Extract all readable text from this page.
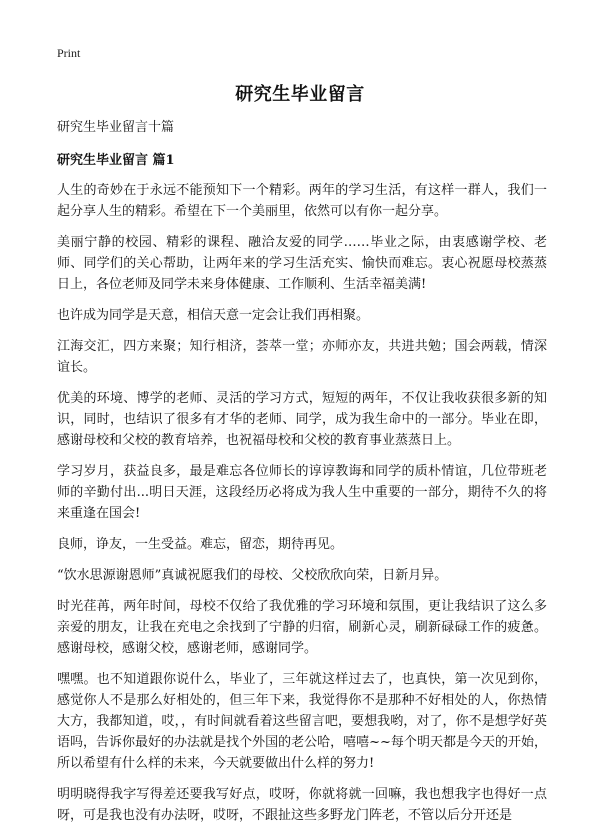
Print
研究生毕业留言

研究生毕业留言十篇

研究生毕业留言 篇1

人生的奇妙在于永远不能预知下一个精彩。两年的学习生活，有这样一群人，我们一起分享人生的精彩。希望在下一个美丽里，依然可以有你一起分享。

美丽宁静的校园、精彩的课程、融洽友爱的同学……毕业之际，由衷感谢学校、老师、同学们的关心帮助，让两年来的学习生活充实、愉快而难忘。衷心祝愿母校蒸蒸日上，各位老师及同学未来身体健康、工作顺利、生活幸福美满!

也许成为同学是天意，相信天意一定会让我们再相聚。

江海交汇，四方来聚；知行相济，荟萃一堂；亦师亦友，共进共勉；国会两载，情深谊长。

优美的环境、博学的老师、灵活的学习方式，短短的两年，不仅让我收获很多新的知识，同时，也结识了很多有才华的老师、同学，成为我生命中的一部分。毕业在即，感谢母校和父校的教育培养，也祝福母校和父校的教育事业蒸蒸日上。

学习岁月，获益良多，最是难忘各位师长的谆谆教诲和同学的质朴情谊，几位带班老师的辛勤付出...明日天涯，这段经历必将成为我人生中重要的一部分，期待不久的将来重逢在国会!

良师，诤友，一生受益。难忘，留恋，期待再见。

“饮水思源谢恩师”真诚祝愿我们的母校、父校欣欣向荣，日新月异。

时光荏苒，两年时间，母校不仅给了我优雅的学习环境和氛围，更让我结识了这么多亲爱的朋友，让我在充电之余找到了宁静的归宿，刷新心灵，刷新碌碌工作的疲惫。感谢母校，感谢父校，感谢老师，感谢同学。

嘿嘿。也不知道跟你说什么，毕业了，三年就这样过去了，也真快，第一次见到你，感觉你人不是那么好相处的，但三年下来，我觉得你不是那种不好相处的人，你热情大方，我都知道，哎，，有时间就看着这些留言吧，要想我哟，对了，你不是想学好英语吗，告诉你最好的办法就是找个外国的老公哈，嘻嘻~~每个明天都是今天的开始，所以希望有什么样的未来，今天就要做出什么样的努力!

明明晓得我字写得差还要我写好点，哎呀，你就将就一回嘛，我也想我字也得好一点呀，可是我也没有办法呀，哎呀，不跟扯这些多野龙门阵老，不管以后分开还是
